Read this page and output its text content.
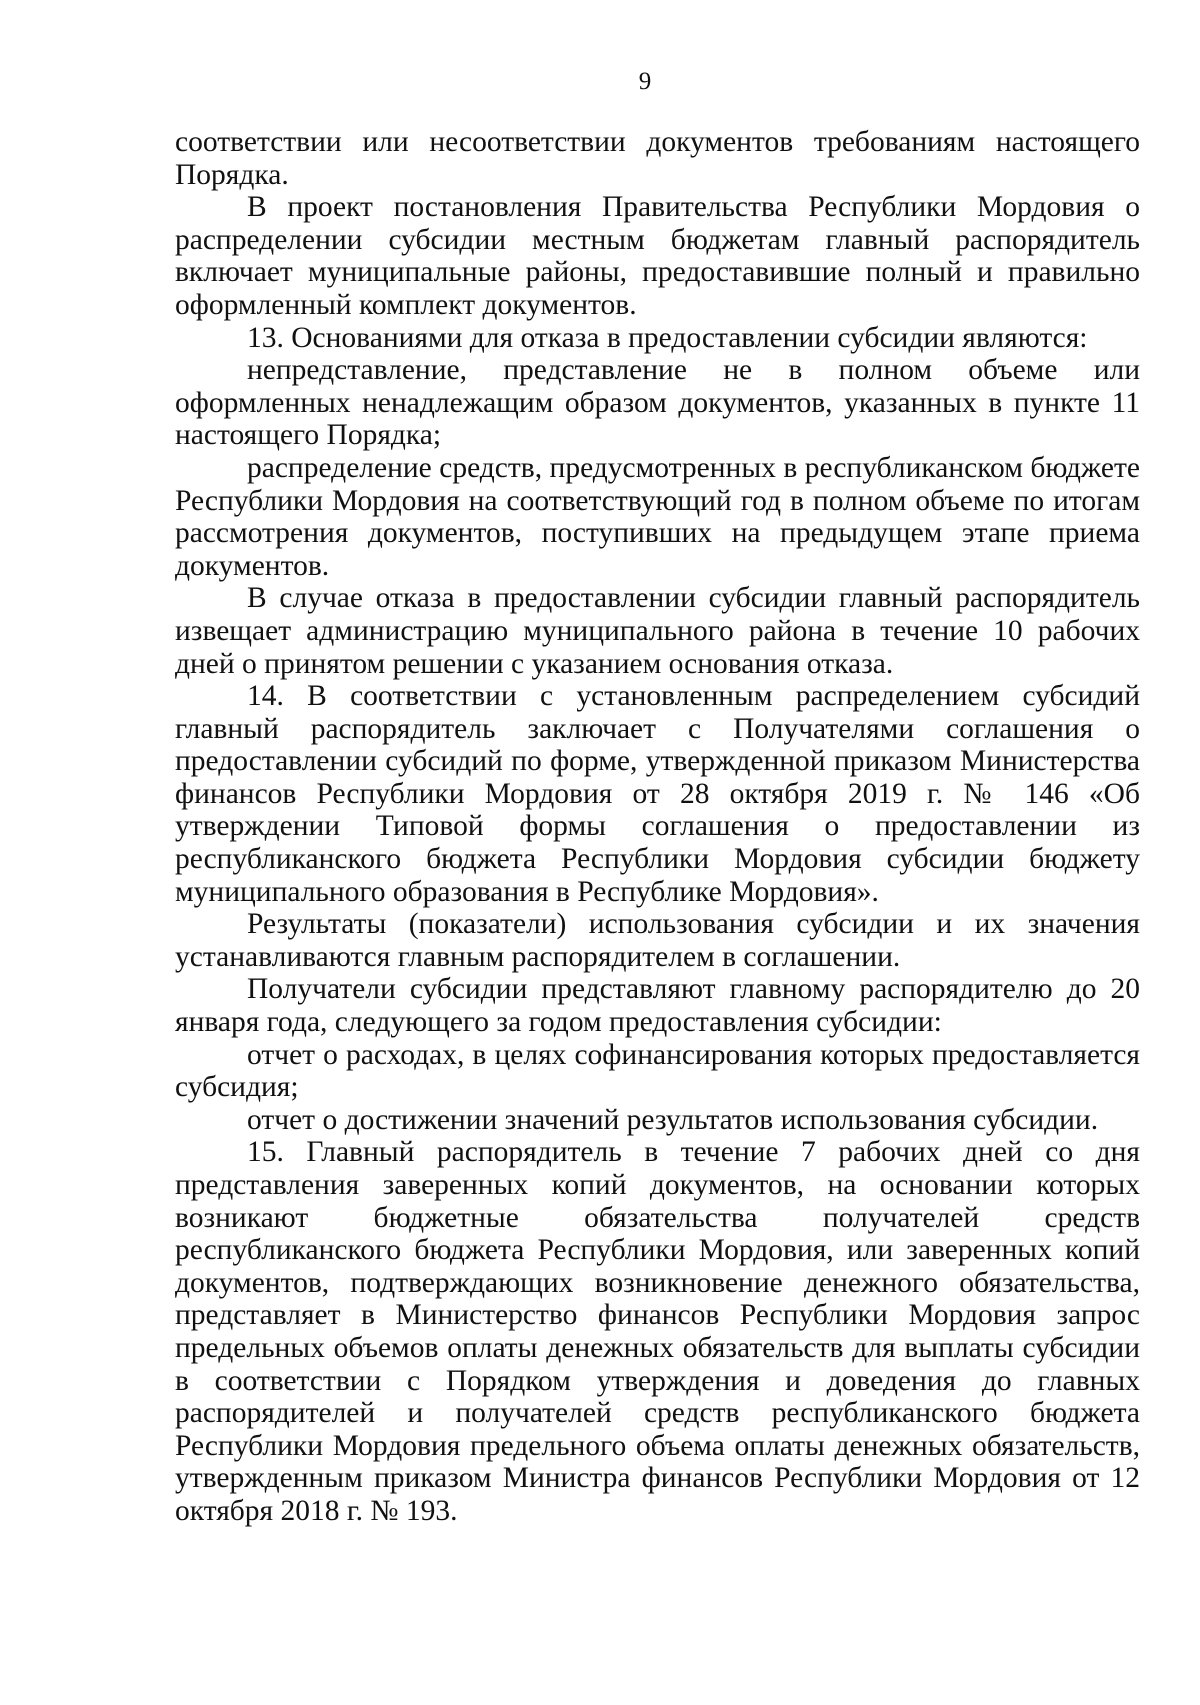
9

соответствии или несоответствии документов требованиям настоящего Порядка.

В проект постановления Правительства Республики Мордовия о распределении субсидии местным бюджетам главный распорядитель включает муниципальные районы, предоставившие полный и правильно оформленный комплект документов.

13. Основаниями для отказа в предоставлении субсидии являются:

непредставление, представление не в полном объеме или оформленных ненадлежащим образом документов, указанных в пункте 11 настоящего Порядка;

распределение средств, предусмотренных в республиканском бюджете Республики Мордовия на соответствующий год в полном объеме по итогам рассмотрения документов, поступивших на предыдущем этапе приема документов.

В случае отказа в предоставлении субсидии главный распорядитель извещает администрацию муниципального района в течение 10 рабочих дней о принятом решении с указанием основания отказа.

14. В соответствии с установленным распределением субсидий главный распорядитель заключает с Получателями соглашения о предоставлении субсидий по форме, утвержденной приказом Министерства финансов Республики Мордовия от 28 октября 2019 г. № 146 «Об утверждении Типовой формы соглашения о предоставлении из республиканского бюджета Республики Мордовия субсидии бюджету муниципального образования в Республике Мордовия».

Результаты (показатели) использования субсидии и их значения устанавливаются главным распорядителем в соглашении.

Получатели субсидии представляют главному распорядителю до 20 января года, следующего за годом предоставления субсидии:

отчет о расходах, в целях софинансирования которых предоставляется субсидия;

отчет о достижении значений результатов использования субсидии.

15. Главный распорядитель в течение 7 рабочих дней со дня представления заверенных копий документов, на основании которых возникают бюджетные обязательства получателей средств республиканского бюджета Республики Мордовия, или заверенных копий документов, подтверждающих возникновение денежного обязательства, представляет в Министерство финансов Республики Мордовия запрос предельных объемов оплаты денежных обязательств для выплаты субсидии в соответствии с Порядком утверждения и доведения до главных распорядителей и получателей средств республиканского бюджета Республики Мордовия предельного объема оплаты денежных обязательств, утвержденным приказом Министра финансов Республики Мордовия от 12 октября 2018 г. № 193.
